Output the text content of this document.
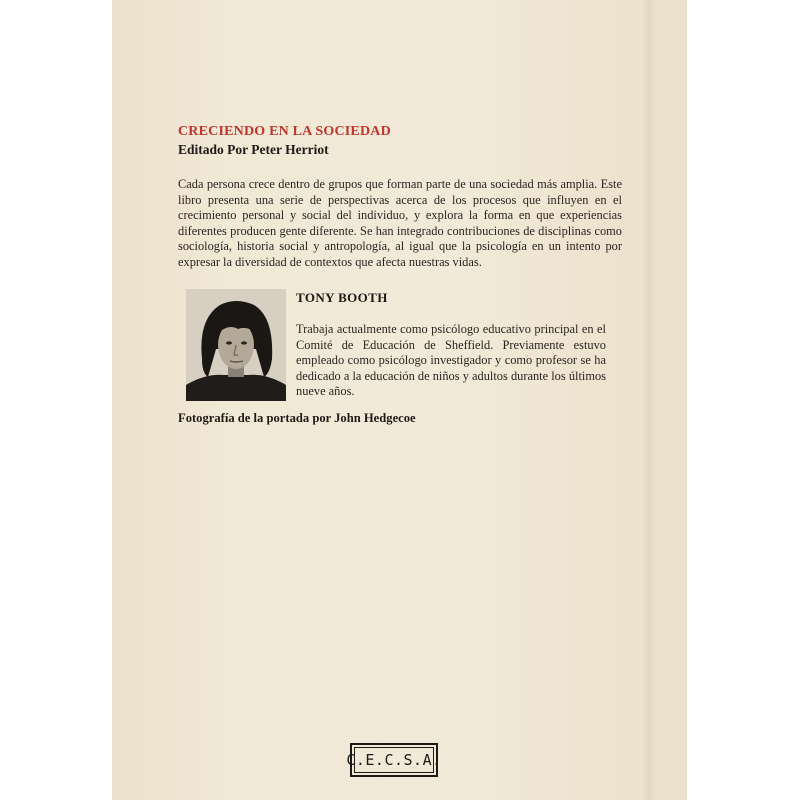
CRECIENDO EN LA SOCIEDAD
Editado Por Peter Herriot

Cada persona crece dentro de grupos que forman parte de una sociedad más amplia. Este libro presenta una serie de perspectivas acerca de los procesos que influyen en el crecimiento personal y social del individuo, y explora la forma en que experiencias diferentes producen gente diferente. Se han integrado contribuciones de disciplinas como sociología, historia social y antropología, al igual que la psicología en un intento por expresar la diversidad de contextos que afecta nuestras vidas.

TONY BOOTH

Trabaja actualmente como psicólogo educativo principal en el Comité de Educación de Sheffield. Previamente estuvo empleado como psicólogo investigador y como profesor se ha dedicado a la educación de niños y adultos durante los últimos nueve años.

Fotografía de la portada por John Hedgecoe
C.E.C.S.A.
